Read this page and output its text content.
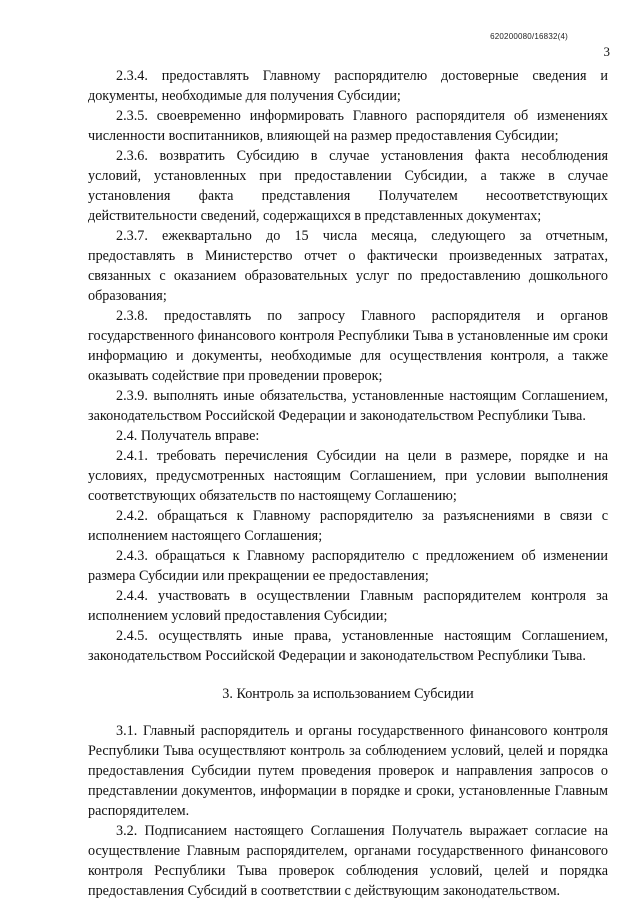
620200080/16832(4)
3

2.3.4. предоставлять Главному распорядителю достоверные сведения и документы, необходимые для получения Субсидии;

2.3.5. своевременно информировать Главного распорядителя об изменениях численности воспитанников, влияющей на размер предоставления Субсидии;

2.3.6. возвратить Субсидию в случае установления факта несоблюдения условий, установленных при предоставлении Субсидии, а также в случае установления факта представления Получателем несоответствующих действительности сведений, содержащихся в представленных документах;

2.3.7. ежеквартально до 15 числа месяца, следующего за отчетным, предоставлять в Министерство отчет о фактически произведенных затратах, связанных с оказанием образовательных услуг по предоставлению дошкольного образования;

2.3.8. предоставлять по запросу Главного распорядителя и органов государственного финансового контроля Республики Тыва в установленные им сроки информацию и документы, необходимые для осуществления контроля, а также оказывать содействие при проведении проверок;

2.3.9. выполнять иные обязательства, установленные настоящим Соглашением, законодательством Российской Федерации и законодательством Республики Тыва.

2.4. Получатель вправе:

2.4.1. требовать перечисления Субсидии на цели в размере, порядке и на условиях, предусмотренных настоящим Соглашением, при условии выполнения соответствующих обязательств по настоящему Соглашению;

2.4.2. обращаться к Главному распорядителю за разъяснениями в связи с исполнением настоящего Соглашения;

2.4.3. обращаться к Главному распорядителю с предложением об изменении размера Субсидии или прекращении ее предоставления;

2.4.4. участвовать в осуществлении Главным распорядителем контроля за исполнением условий предоставления Субсидии;

2.4.5. осуществлять иные права, установленные настоящим Соглашением, законодательством Российской Федерации и законодательством Республики Тыва.

3. Контроль за использованием Субсидии

3.1. Главный распорядитель и органы государственного финансового контроля Республики Тыва осуществляют контроль за соблюдением условий, целей и порядка предоставления Субсидии путем проведения проверок и направления запросов о представлении документов, информации в порядке и сроки, установленные Главным распорядителем.

3.2. Подписанием настоящего Соглашения Получатель выражает согласие на осуществление Главным распорядителем, органами государственного финансового контроля Республики Тыва проверок соблюдения условий, целей и порядка предоставления Субсидий в соответствии с действующим законодательством.
